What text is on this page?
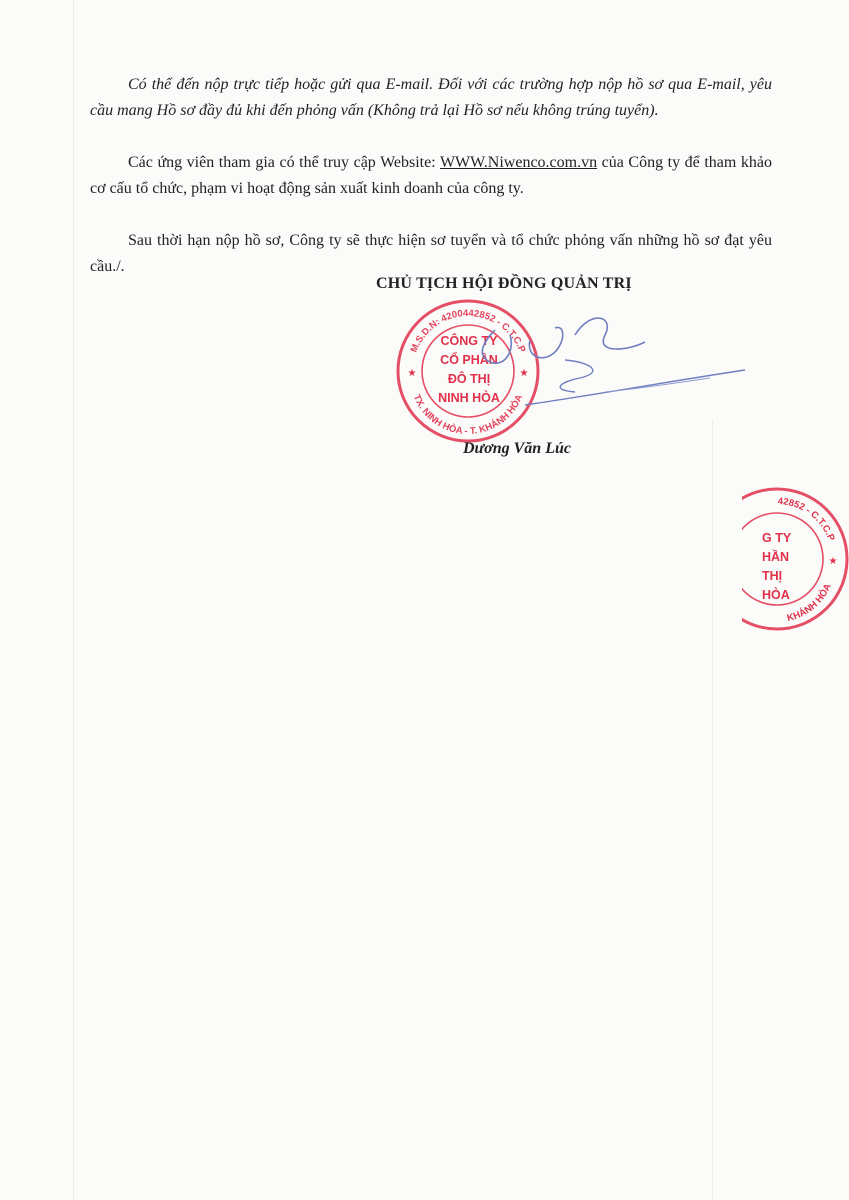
Có thể đến nộp trực tiếp hoặc gửi qua E-mail. Đối với các trường hợp nộp hồ sơ qua E-mail, yêu cầu mang Hồ sơ đầy đủ khi đến phỏng vấn (Không trả lại Hồ sơ nếu không trúng tuyển).

Các ứng viên tham gia có thể truy cập Website: WWW.Niwenco.com.vn của Công ty để tham khảo cơ cấu tổ chức, phạm vi hoạt động sản xuất kinh doanh của công ty.

Sau thời hạn nộp hồ sơ, Công ty sẽ thực hiện sơ tuyển và tổ chức phỏng vấn những hồ sơ đạt yêu cầu./.

CHỦ TỊCH HỘI ĐỒNG QUẢN TRỊ
M.S.D.N: 4200442852 - C.T.C.P
TX. NINH HÒA - T. KHÁNH HÒA
★	★
CÔNG TY
CỔ PHẦN
ĐÔ THỊ
NINH HÒA
Dương Văn Lúc
42852 - C.T.C.P
KHÁNH HÒA
★
G TY
HẦN
THỊ
HÒA
